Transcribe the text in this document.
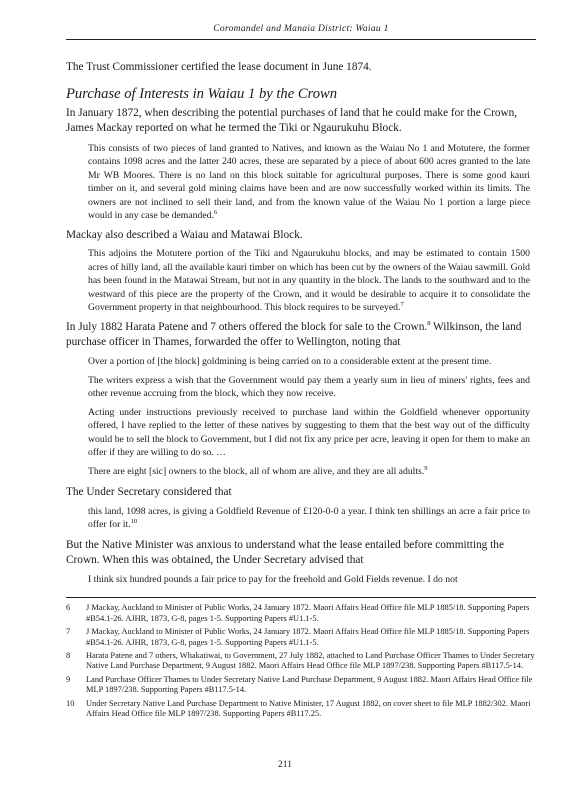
Coromandel and Manaia District: Waiau 1

The Trust Commissioner certified the lease document in June 1874.

Purchase of Interests in Waiau 1 by the Crown

In January 1872, when describing the potential purchases of land that he could make for the Crown, James Mackay reported on what he termed the Tiki or Ngaurukuhu Block.

This consists of two pieces of land granted to Natives, and known as the Waiau No 1 and Motutere, the former contains 1098 acres and the latter 240 acres, these are separated by a piece of about 600 acres granted to the late Mr WB Moores. There is no land on this block suitable for agricultural purposes. There is some good kauri timber on it, and several gold mining claims have been and are now successfully worked within its limits. The owners are not inclined to sell their land, and from the known value of the Waiau No 1 portion a large piece would in any case be demanded.$^6$

Mackay also described a Waiau and Matawai Block.

This adjoins the Motutere portion of the Tiki and Ngaurukuhu blocks, and may be estimated to contain 1500 acres of hilly land, all the available kauri timber on which has been cut by the owners of the Waiau sawmill. Gold has been found in the Matawai Stream, but not in any quantity in the block. The lands to the southward and to the westward of this piece are the property of the Crown, and it would be desirable to acquire it to consolidate the Government property in that neighbourhood. This block requires to be surveyed.$^7$

In July 1882 Harata Patene and 7 others offered the block for sale to the Crown.$^8$ Wilkinson, the land purchase officer in Thames, forwarded the offer to Wellington, noting that

Over a portion of [the block] goldmining is being carried on to a considerable extent at the present time.

The writers express a wish that the Government would pay them a yearly sum in lieu of miners' rights, fees and other revenue accruing from the block, which they now receive.

Acting under instructions previously received to purchase land within the Goldfield whenever opportunity offered, I have replied to the letter of these natives by suggesting to them that the best way out of the difficulty would be to sell the block to Government, but I did not fix any price per acre, leaving it open for them to make an offer if they are willing to do so. …

There are eight [sic] owners to the block, all of whom are alive, and they are all adults.$^9$

The Under Secretary considered that

this land, 1098 acres, is giving a Goldfield Revenue of £120-0-0 a year. I think ten shillings an acre a fair price to offer for it.$^{10}$

But the Native Minister was anxious to understand what the lease entailed before committing the Crown. When this was obtained, the Under Secretary advised that

I think six hundred pounds a fair price to pay for the freehold and Gold Fields revenue. I do not

6	J Mackay, Auckland to Minister of Public Works, 24 January 1872. Maori Affairs Head Office file MLP 1885/18. Supporting Papers #B54.1-26. AJHR, 1873, G-8, pages 1-5. Supporting Papers #U1.1-5.
7	J Mackay, Auckland to Minister of Public Works, 24 January 1872. Maori Affairs Head Office file MLP 1885/18. Supporting Papers #B54.1-26. AJHR, 1873, G-8, pages 1-5. Supporting Papers #U1.1-5.
8	Harata Patene and 7 others, Whakatiwai, to Government, 27 July 1882, attached to Land Purchase Officer Thames to Under Secretary Native Land Purchase Department, 9 August 1882. Maori Affairs Head Office file MLP 1897/238. Supporting Papers #B117.5-14.
9	Land Purchase Officer Thames to Under Secretary Native Land Purchase Department, 9 August 1882. Maori Affairs Head Office file MLP 1897/238. Supporting Papers #B117.5-14.
10	Under Secretary Native Land Purchase Department to Native Minister, 17 August 1882, on cover sheet to file MLP 1882/302. Maori Affairs Head Office file MLP 1897/238. Supporting Papers #B117.25.
211
